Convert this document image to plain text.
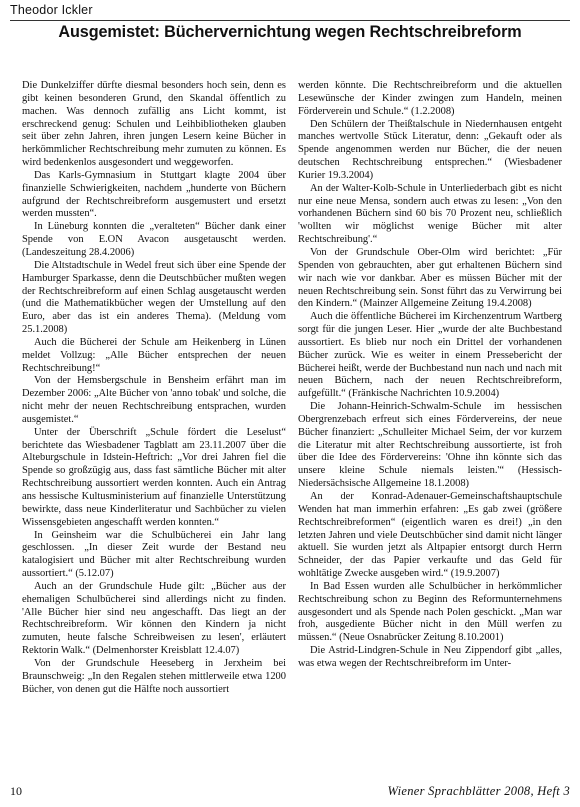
Theodor Ickler
Ausgemistet: Büchervernichtung wegen Rechtschreibreform

Die Dunkelziffer dürfte diesmal besonders hoch sein, denn es gibt keinen besonderen Grund, den Skandal öffentlich zu machen. Was dennoch zufällig ans Licht kommt, ist erschreckend genug: Schulen und Leihbibliotheken glauben seit über zehn Jahren, ihren jungen Lesern keine Bücher in herkömmlicher Rechtschreibung mehr zumuten zu können. Es wird bedenkenlos ausgesondert und weggeworfen.

Das Karls-Gymnasium in Stuttgart klagte 2004 über finanzielle Schwierigkeiten, nachdem „hunderte von Büchern aufgrund der Rechtschreibreform ausgemustert und ersetzt werden mussten“.

In Lüneburg konnten die „veralteten“ Bücher dank einer Spende von E.ON Avacon ausgetauscht werden. (Landeszeitung 28.4.2006)

Die Altstadtschule in Wedel freut sich über eine Spende der Hamburger Sparkasse, denn die Deutschbücher mußten wegen der Rechtschreibreform auf einen Schlag ausgetauscht werden (und die Mathematikbücher wegen der Umstellung auf den Euro, aber das ist ein anderes Thema). (Meldung vom 25.1.2008)

Auch die Bücherei der Schule am Heikenberg in Lünen meldet Vollzug: „Alle Bücher entsprechen der neuen Rechtschreibung!“

Von der Hemsbergschule in Bensheim erfährt man im Dezember 2006: „Alte Bücher von 'anno tobak' und solche, die nicht mehr der neuen Rechtschreibung entsprachen, wurden ausgemistet.“

Unter der Überschrift „Schule fördert die Leselust“ berichtete das Wiesbadener Tagblatt am 23.11.2007 über die Alteburgschule in Idstein-Heftrich: „Vor drei Jahren fiel die Spende so großzügig aus, dass fast sämtliche Bücher mit alter Rechtschreibung aussortiert werden konnten. Auch ein Antrag ans hessische Kultusministerium auf finanzielle Unterstützung bewirkte, dass neue Kinderliteratur und Sachbücher zu vielen Wissensgebieten angeschafft werden konnten.“

In Geinsheim war die Schulbücherei ein Jahr lang geschlossen. „In dieser Zeit wurde der Bestand neu katalogisiert und Bücher mit alter Rechtschreibung wurden aussortiert.“ (5.12.07)

Auch an der Grundschule Hude gilt: „Bücher aus der ehemaligen Schulbücherei sind allerdings nicht zu finden. 'Alle Bücher hier sind neu angeschafft. Das liegt an der Rechtschreibreform. Wir können den Kindern ja nicht zumuten, heute falsche Schreibweisen zu lesen', erläutert Rektorin Walk.“ (Delmenhorster Kreisblatt 12.4.07)

Von der Grundschule Heeseberg in Jerxheim bei Braunschweig: „In den Regalen stehen mittlerweile etwa 1200 Bücher, von denen gut die Hälfte noch aussortiert

werden könnte. Die Rechtschreibreform und die aktuellen Lesewünsche der Kinder zwingen zum Handeln, meinen Förderverein und Schule.“ (1.2.2008)

Den Schülern der Theißtalschule in Niedernhausen entgeht manches wertvolle Stück Literatur, denn: „Gekauft oder als Spende angenommen werden nur Bücher, die der neuen deutschen Rechtschreibung entsprechen.“ (Wiesbadener Kurier 19.3.2004)

An der Walter-Kolb-Schule in Unterliederbach gibt es nicht nur eine neue Mensa, sondern auch etwas zu lesen: „Von den vorhandenen Büchern sind 60 bis 70 Prozent neu, schließlich 'wollten wir möglichst wenige Bücher mit alter Rechtschreibung'.“

Von der Grundschule Ober-Olm wird berichtet: „Für Spenden von gebrauchten, aber gut erhaltenen Büchern sind wir nach wie vor dankbar. Aber es müssen Bücher mit der neuen Rechtschreibung sein. Sonst führt das zu Verwirrung bei den Kindern.“ (Mainzer Allgemeine Zeitung 19.4.2008)

Auch die öffentliche Bücherei im Kirchenzentrum Wartberg sorgt für die jungen Leser. Hier „wurde der alte Buchbestand aussortiert. Es blieb nur noch ein Drittel der vorhandenen Bücher zurück. Wie es weiter in einem Pressebericht der Bücherei heißt, werde der Buchbestand nun nach und nach mit neuen Büchern, nach der neuen Rechtschreibreform, aufgefüllt.“ (Fränkische Nachrichten 10.9.2004)

Die Johann-Heinrich-Schwalm-Schule im hessischen Obergrenzebach erfreut sich eines Fördervereins, der neue Bücher finanziert: „Schulleiter Michael Seim, der vor kurzem die Literatur mit alter Rechtschreibung aussortierte, ist froh über die Idee des Fördervereins: 'Ohne ihn könnte sich das unsere kleine Schule niemals leisten.'“ (Hessisch-Niedersächsische Allgemeine 18.1.2008)

An der Konrad-Adenauer-Gemeinschaftshauptschule Wenden hat man immerhin erfahren: „Es gab zwei (größere Rechtschreibreformen“ (eigentlich waren es drei!) „in den letzten Jahren und viele Deutschbücher sind damit nicht länger aktuell. Sie wurden jetzt als Altpapier entsorgt durch Herrn Schneider, der das Papier verkaufte und das Geld für wohltätige Zwecke ausgeben wird.“ (19.9.2007)

In Bad Essen wurden alle Schulbücher in herkömmlicher Rechtschreibung schon zu Beginn des Reformunternehmens ausgesondert und als Spende nach Polen geschickt. „Man war froh, ausgediente Bücher nicht in den Müll werfen zu müssen.“ (Neue Osnabrücker Zeitung 8.10.2001)

Die Astrid-Lindgren-Schule in Neu Zippendorf gibt „alles, was etwa wegen der Rechtschreibreform im Unter-

10	Wiener Sprachblätter 2008, Heft 3
